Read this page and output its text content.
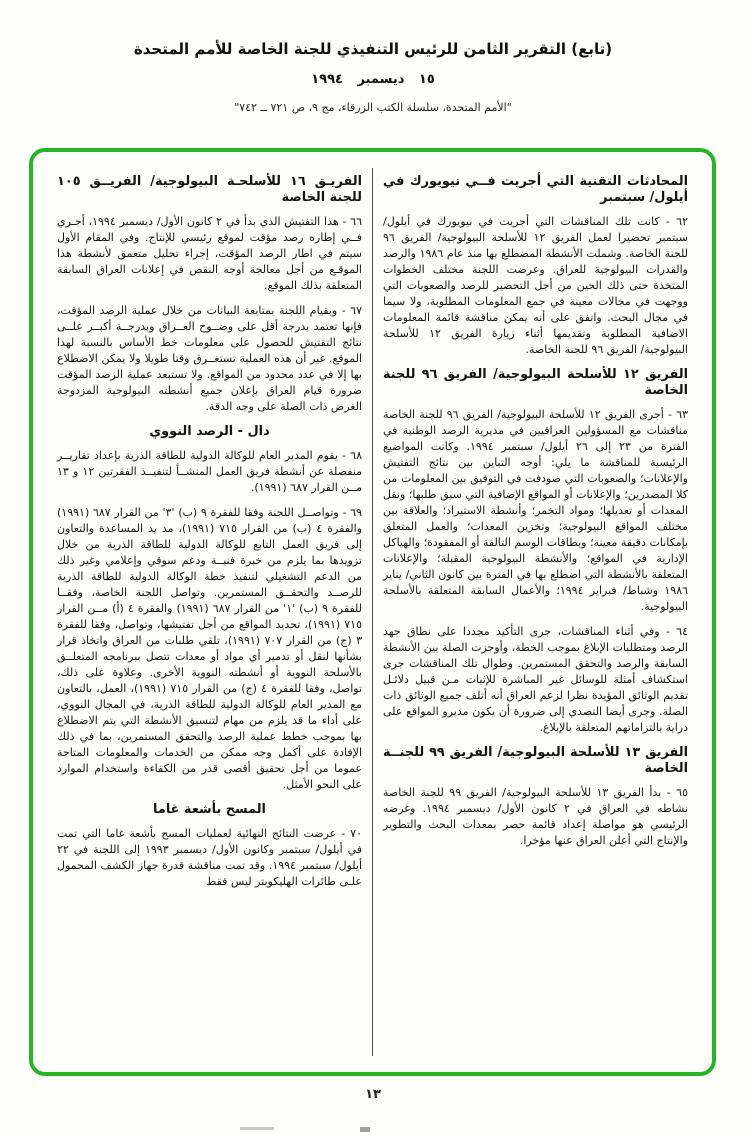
(تابع) التقرير الثامن للرئيس التنفيذي للجنة الخاصة للأمم المتحدة
١٥ ديسمبر ١٩٩٤
"الأمم المتحدة، سلسلة الكتب الزرقاء، مج ٩، ص ٧٢١ ــ ٧٤٢"
المحادثات التقنية التي أجريت فــي نيويورك في أيلول/ سبتمبر

٦٢ - كانت تلك المناقشات التي أجريت في نيويورك في أيلول/ سبتمبر تحضيرا لعمل الفريق ١٢ للأسلحة البيولوجية/ الفريق ٩٦ للجنة الخاصة. وشملت الأنشطة المضطلع بها منذ عام ١٩٨٦ والرصد والقدرات البيولوجية للعراق. وعرضت اللجنة مختلف الخطوات المتخذة حتى ذلك الحين من أجل التحضير للرصد والصعوبات التي ووجهت في مجالات معينة في جمع المعلومات المطلوبة، ولا سيما في مجال البحث. واتفق على أنه يمكن مناقشة قائمة المعلومات الاضافية المطلوبة وتقديمها أثناء زيارة الفريق ١٢ للأسلحة البيولوجية/ الفريق ٩٦ للجنة الخاصة.

الفريق ١٢ للأسلحة البيولوجية/ الفريق ٩٦ للجنة الخاصة

٦٣ - أجرى الفريق ١٢ للأسلحة البيولوجية/ الفريق ٩٦ للجنة الخاصة مناقشات مع المسؤولين العراقيين في مديرية الرصد الوطنية في الفترة من ٢٣ إلى ٢٦ أيلول/ سبتمبر ١٩٩٤. وكانت المواضيع الرئيسية للمناقشة ما يلي: أوجه التباين بين نتائج التفتيش والإعلانات؛ والصعوبات التي صودفت في التوفيق بين المعلومات من كلا المصدرين؛ والإعلانات أو المواقع الإضافية التي سبق طلبها؛ ونقل المعدات أو تعديلها؛ ومواد التخمر؛ وأنشطة الاستيراد؛ والعلاقة بين مختلف المواقع البيولوجية؛ وتخزين المعدات؛ والعمل المتعلق بإمكانات دقيقة معينة؛ وبطاقات الوسم التالفة أو المفقودة؛ والهياكل الإدارية في المواقع؛ والأنشطة البيولوجية المقبلة؛ والإعلانات المتعلقة بالأنشطة التي اضطلع بها في الفترة بين كانون الثاني/ يناير ١٩٨٦ وشباط/ فبراير ١٩٩٤؛ والأعمال السابقة المتعلقة بالأسلحة البيولوجية.

٦٤ - وفي أثناء المناقشات، جرى التأكيد مجددا على نطاق جهد الرصد ومتطلبات الإبلاغ بموجب الخطة، وأوجزت الصلة بين الأنشطة السابقة والرصد والتحقق المستمرين. وطوال تلك المناقشات جرى استكشاف أمثلة للوسائل غير المباشرة للإثبات مـن قبيل دلائـل تقديم الوثائق المؤيدة نظرا لزعم العراق أنه أتلف جميع الوثائق ذات الصلة. وجرى أيضا التصدي إلى ضرورة أن يكون مديرو المواقع على دراية بالتزاماتهم المتعلقة بالإبلاغ.

الفريق ١٣ للأسلحة البيولوجية/ الفريق ٩٩ للجنــة الخاصة

٦٥ - بدأ الفريق ١٣ للأسلحة البيولوجية/ الفريق ٩٩ للجنة الخاصة نشاطه في العراق في ٢ كانون الأول/ ديسمبر ١٩٩٤. وغرضه الرئيسي هو مواصلة إعداد قائمة حصر بمعدات البحث والتطوير والإنتاج التي أعلن العراق عنها مؤخرا.

الفريـق ١٦ للأسلحـة البيولوجية/ الفريــق ١٠٥ للجنة الخاصة

٦٦ - هذا التفتيش الذي بدأ في ٢ كانون الأول/ ديسمبر ١٩٩٤، أجـري فــي إطاره رصد مؤقت لموقع رئيسي للإنتاج. وفي المقام الأول سيتم في اطار الرصد المؤقت، إجراء تحليل متعمق لأنشطة هذا الموقـع من أجل معالجة أوجه النقص في إعلانات العراق السابقة المتعلقة بذلك الموقع.

٦٧ - وبقيام اللجنة بمتابعة البيانات من خلال عملية الرصد المؤقت، فإنها تعتمد بدرجة أقل على وضــوح العــراق وبدرجــة أكبــر علــى نتائج التفتيش للحصول على معلومات خط الأساس بالنسبة لهذا الموقع. غير أن هذه العملية تستغــرق وقتا طويلا ولا يمكن الاضطلاع بها إلا في عدد محدود من المواقع. ولا تستبعد عملية الرصد المؤقت ضرورة قيام العراق بإعلان جميع أنشطته البيولوجية المزدوجة الغرض ذات الصلة على وجه الدقة.

دال - الرصد النووي

٦٨ - يقوم المدير العام للوكالة الدولية للطاقة الذرية بإعداد تقاريــر منفصلة عن أنشطة فريق العمل المنشــأ لتنفيــذ الفقرتين ١٢ و ١٣ مــن القرار ٦٨٧ (١٩٩١).

٦٩ - وتواصــل اللجنة وفقا للفقرة ٩ (ب) '٣' من القرار ٦٨٧ (١٩٩١) والفقرة ٤ (ب) من القرار ٧١٥ (١٩٩١)، مد يد المساعدة والتعاون إلى فريق العمل التابع للوكالة الدولية للطاقة الذرية من خلال تزويدها بما يلزم من خبرة فنيــة ودعم سوقي وإعلامي وغير ذلك من الدعم التشغيلي لتنفيذ خطة الوكالة الدولية للطاقة الذرية للرصــد والتحقــق المستمرين. وتواصل اللجنة الخاصة، وفقــا للفقرة ٩ (ب) '١' من القرار ٦٨٧ (١٩٩١) والفقرة ٤ (أ) مــن القرار ٧١٥ (١٩٩١)، تحديد المواقع من أجل تفتيشها، وتواصل، وفقا للفقرة ٣ (ج) من القرار ٧٠٧ (١٩٩١)، تلقي طلبات من العراق واتخاذ قرار بشأنها لنقل أو تدمير أي مواد أو معدات تتصل ببرنامجه المتعلــق بالأسلحة النووية أو أنشطته النووية الأخرى. وعلاوة على ذلك، تواصل، وفقا للفقرة ٤ (ج) من القرار ٧١٥ (١٩٩١)، العمل، بالتعاون مع المدير العام للوكالة الدولية للطاقة الذرية، في المجال النووي، على أداء ما قد يلزم من مهام لتنسيق الأنشطة التي يتم الاضطلاع بها بموجب خطط عملية الرصد والتحقق المستمرين، بما في ذلك الإفادة على أكمل وجه ممكن من الخدمات والمعلومات المتاحة عموما من أجل تحقيق أقصى قدر من الكفاءة واستخدام الموارد على النحو الأمثل.

المسح بأشعة غاما

٧٠ - عرضت النتائج النهائية لعمليات المسح بأشعة غاما التي تمت في أيلول/ سبتمبر وكانون الأول/ ديسمبر ١٩٩٣ إلى اللجنة في ٢٢ أيلول/ سبتمبر ١٩٩٤. وقد تمت مناقشة قدرة جهاز الكشف المحمول علـى طائرات الهليكوبتر ليس فقط

١٣
